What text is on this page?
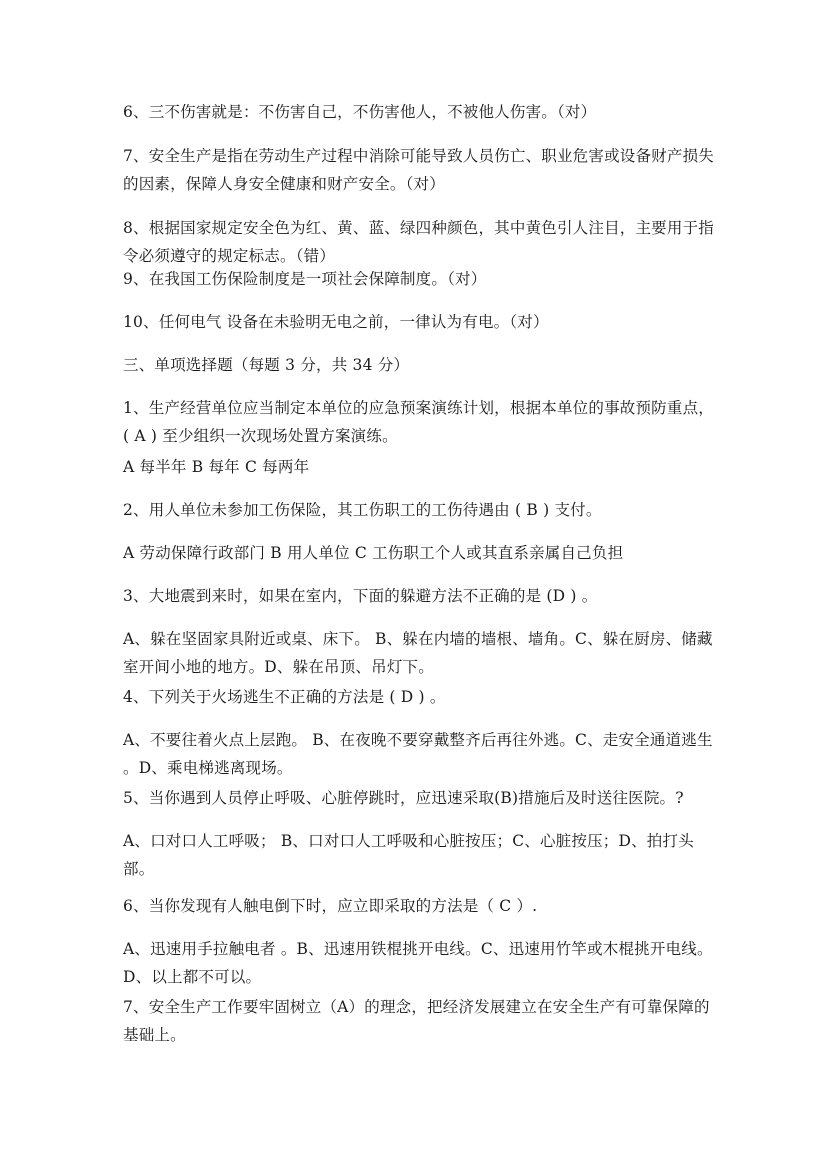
6、三不伤害就是：不伤害自己，不伤害他人，不被他人伤害。（对）

7、安全生产是指在劳动生产过程中消除可能导致人员伤亡、职业危害或设备财产损失的因素，保障人身安全健康和财产安全。（对）

8、根据国家规定安全色为红、黄、蓝、绿四种颜色，其中黄色引人注目，主要用于指令必须遵守的规定标志。（错）

9、在我国工伤保险制度是一项社会保障制度。（对）

10、任何电气 设备在未验明无电之前，一律认为有电。（对）

三、单项选择题（每题 3 分，共 34 分）

1、生产经营单位应当制定本单位的应急预案演练计划，根据本单位的事故预防重点，( A ) 至少组织一次现场处置方案演练。

A 每半年 B 每年 C 每两年

2、用人单位未参加工伤保险，其工伤职工的工伤待遇由 ( B ) 支付。

A 劳动保障行政部门 B 用人单位 C 工伤职工个人或其直系亲属自己负担

3、大地震到来时，如果在室内，下面的躲避方法不正确的是 (D ) 。

A、躲在坚固家具附近或桌、床下。 B、躲在内墙的墙根、墙角。C、躲在厨房、储藏室开间小地的地方。D、躲在吊顶、吊灯下。

4、下列关于火场逃生不正确的方法是 ( D ) 。

A、不要往着火点上层跑。 B、在夜晚不要穿戴整齐后再往外逃。C、走安全通道逃生 。D、乘电梯逃离现场。

5、当你遇到人员停止呼吸、心脏停跳时，应迅速采取(B)措施后及时送往医院。?

A、口对口人工呼吸； B、口对口人工呼吸和心脏按压；C、心脏按压；D、拍打头部。

6、当你发现有人触电倒下时，应立即采取的方法是（ C ）.

A、迅速用手拉触电者 。B、迅速用铁棍挑开电线。C、迅速用竹竿或木棍挑开电线。 D、以上都不可以。

7、安全生产工作要牢固树立（A）的理念，把经济发展建立在安全生产有可靠保障的基础上。
